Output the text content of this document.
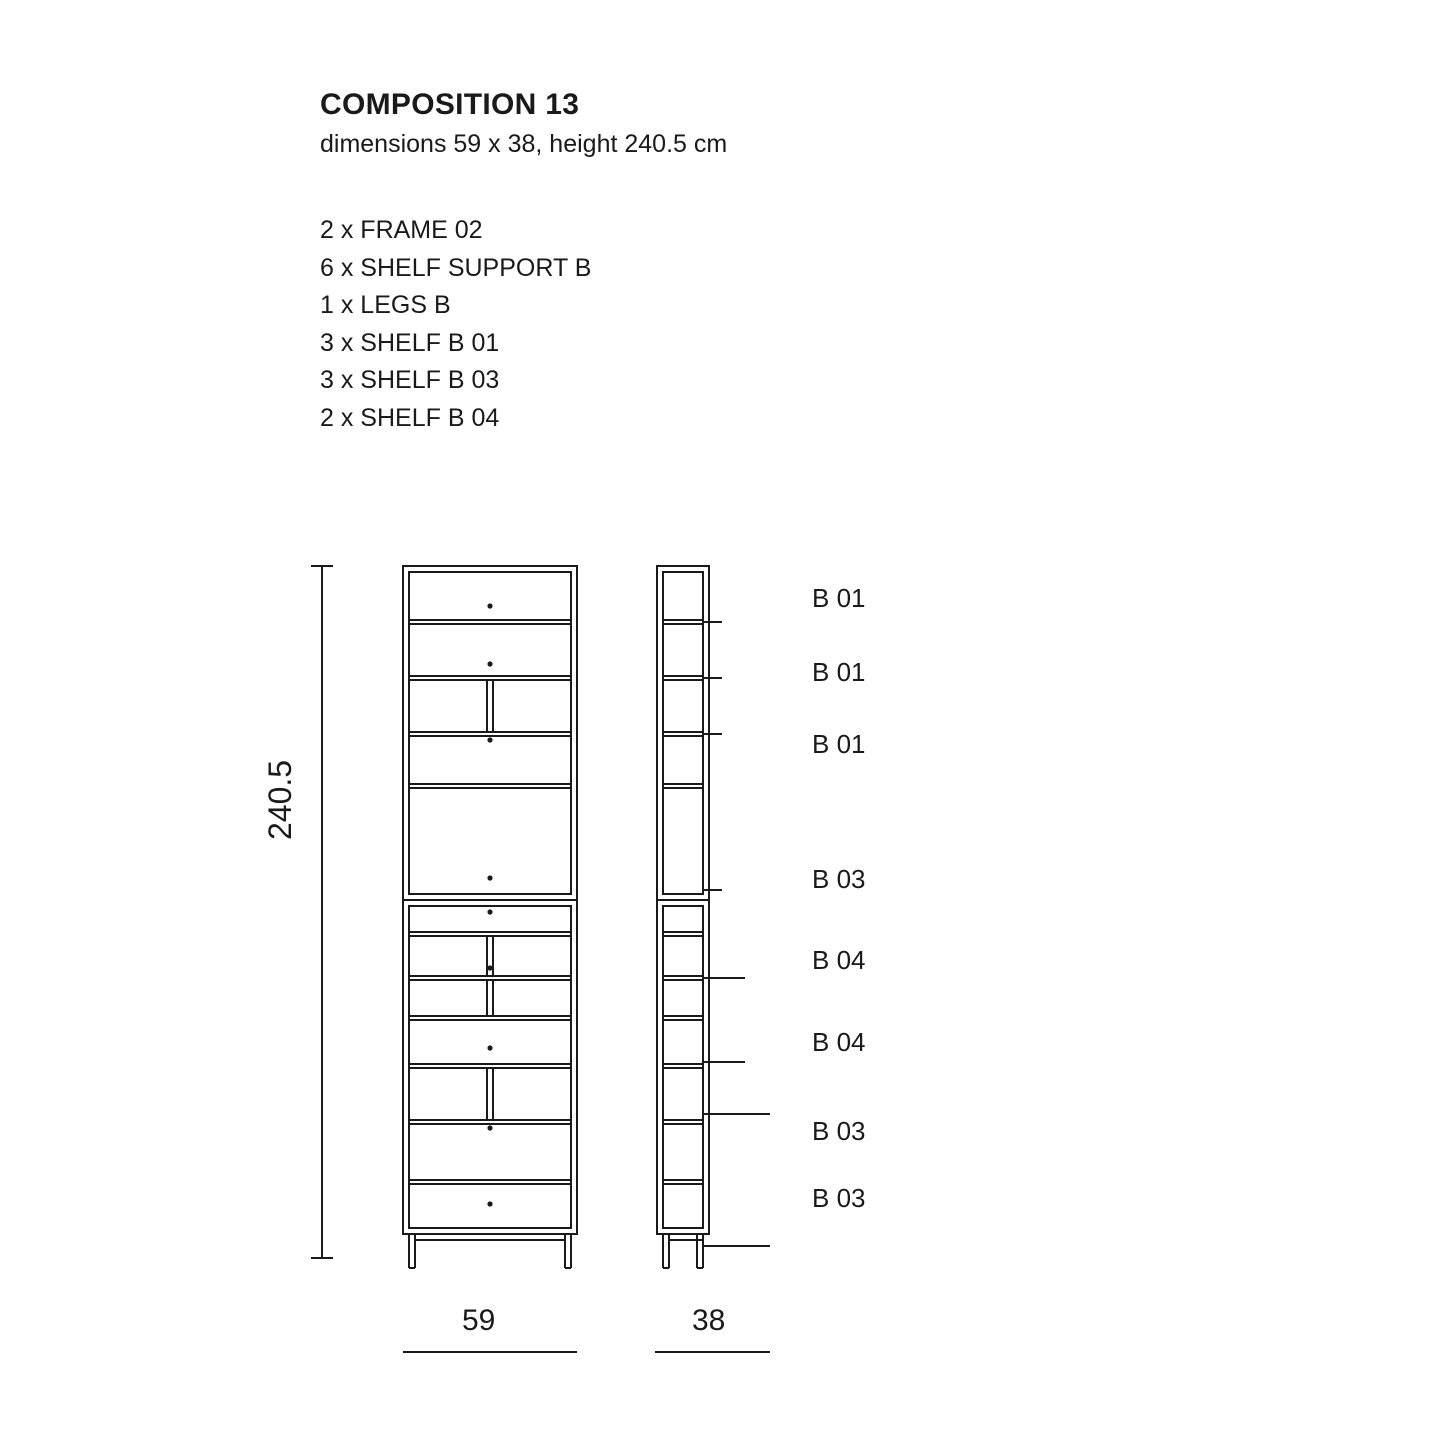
COMPOSITION 13
dimensions 59 x 38, height 240.5 cm
2 x FRAME 02
6 x SHELF SUPPORT B
1 x LEGS B
3 x SHELF B 01
3 x SHELF B 03
2 x SHELF B 04
240.5
59	38
B 01
B 01
B 01
B 03
B 04
B 04
B 03
B 03
